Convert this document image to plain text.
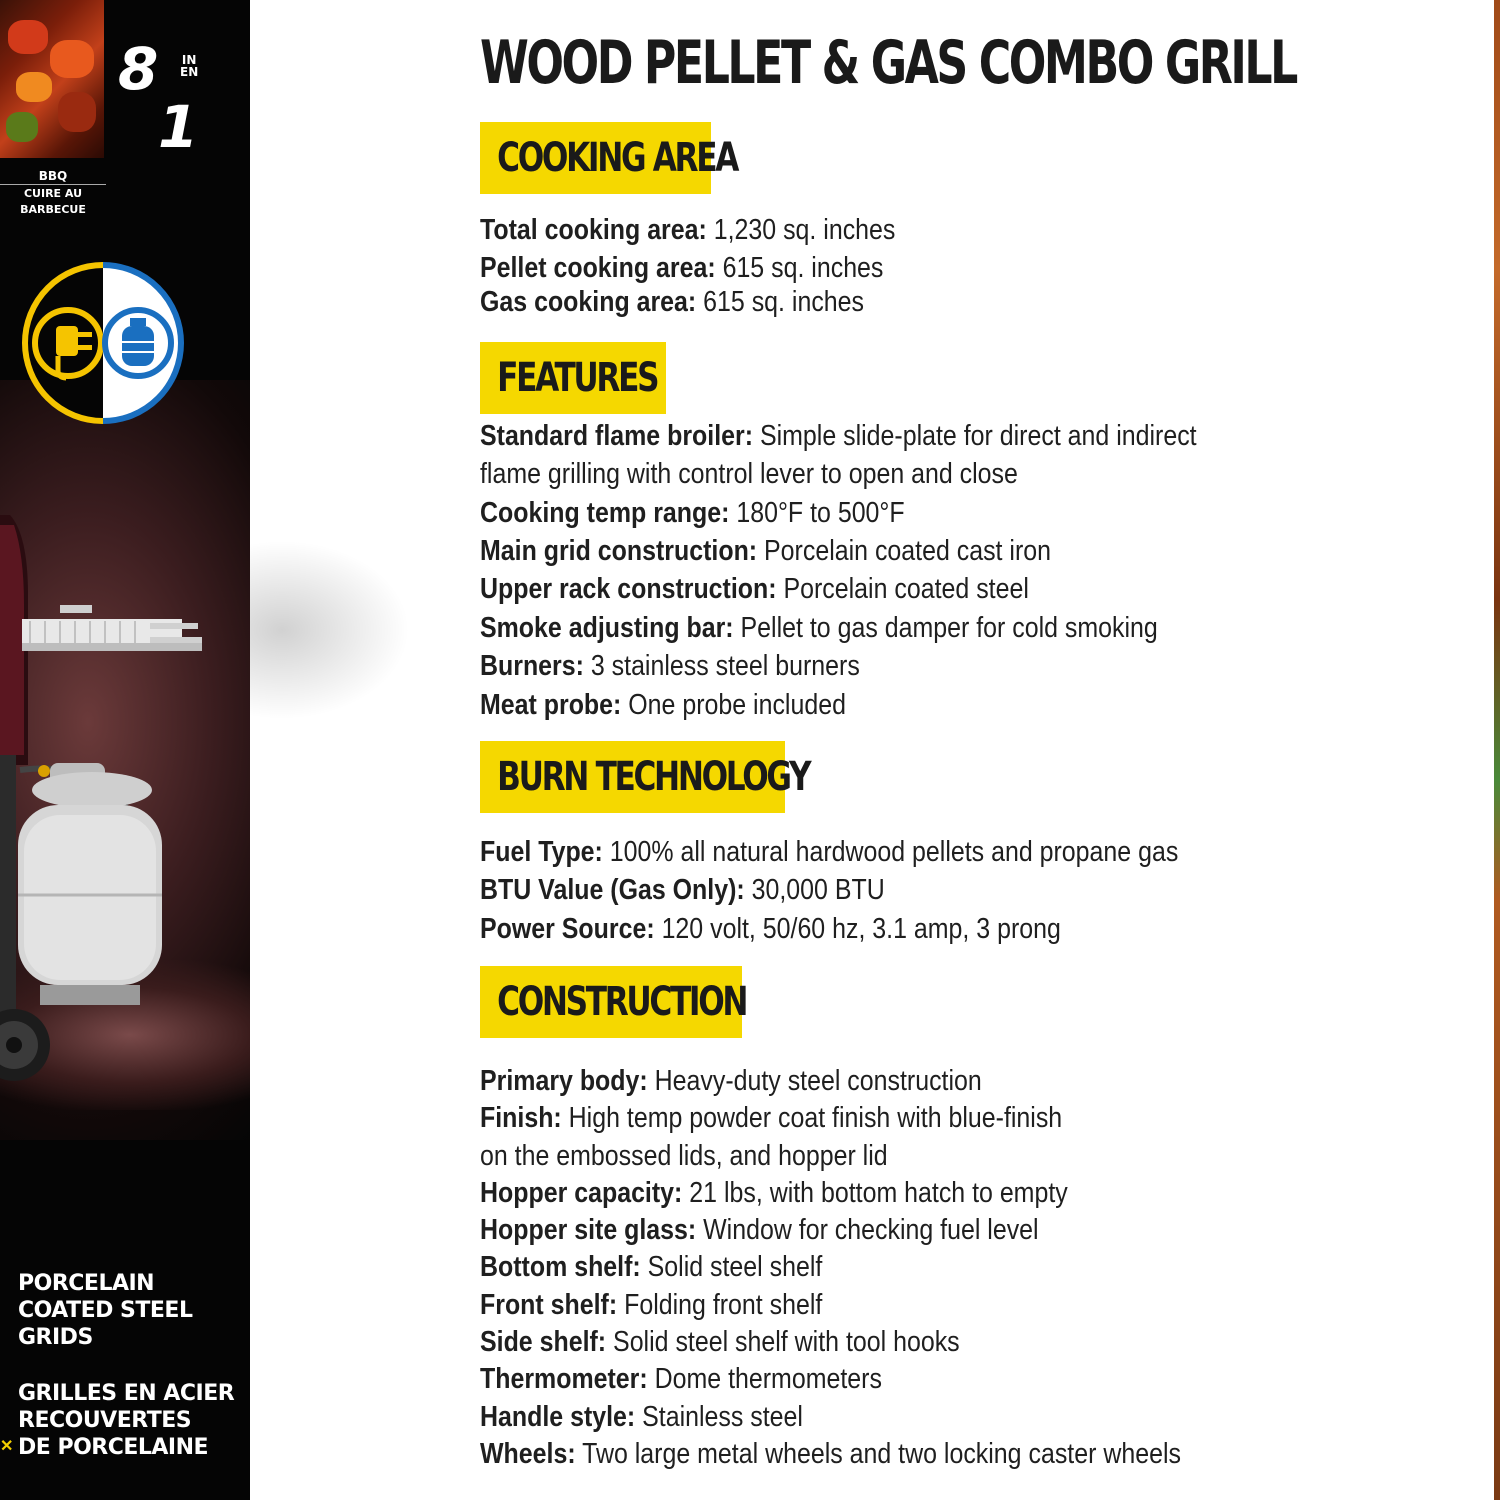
8 IN
EN
1
BBQ
CUIRE AU BARBECUE
PORCELAIN
COATED STEEL
GRIDS
GRILLES EN ACIER
RECOUVERTES
DE PORCELAINE
✕
WOOD PELLET & GAS COMBO GRILL
COOKING AREA
Total cooking area: 1,230 sq. inches
Pellet cooking area: 615 sq. inches
Gas cooking area: 615 sq. inches
FEATURES
Standard flame broiler: Simple slide-plate for direct and indirect
flame grilling with control lever to open and close
Cooking temp range: 180°F to 500°F
Main grid construction: Porcelain coated cast iron
Upper rack construction: Porcelain coated steel
Smoke adjusting bar: Pellet to gas damper for cold smoking
Burners: 3 stainless steel burners
Meat probe: One probe included
BURN TECHNOLOGY
Fuel Type: 100% all natural hardwood pellets and propane gas
BTU Value (Gas Only): 30,000 BTU
Power Source: 120 volt, 50/60 hz, 3.1 amp, 3 prong
CONSTRUCTION
Primary body: Heavy-duty steel construction
Finish: High temp powder coat finish with blue-finish
on the embossed lids, and hopper lid
Hopper capacity: 21 lbs, with bottom hatch to empty
Hopper site glass: Window for checking fuel level
Bottom shelf: Solid steel shelf
Front shelf: Folding front shelf
Side shelf: Solid steel shelf with tool hooks
Thermometer: Dome thermometers
Handle style: Stainless steel
Wheels: Two large metal wheels and two locking caster wheels
